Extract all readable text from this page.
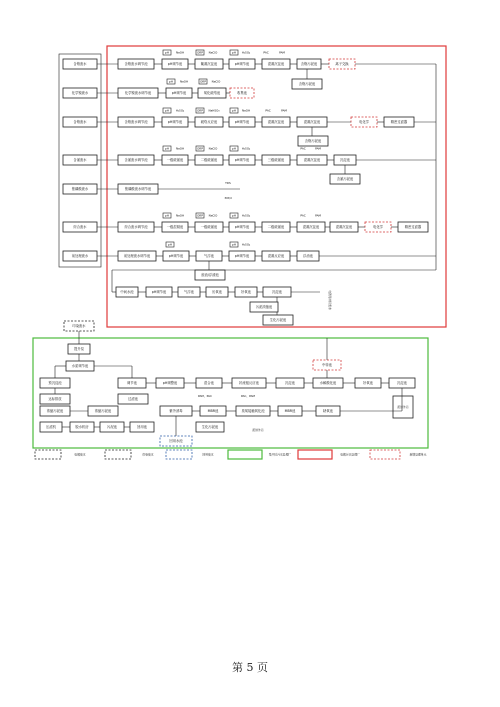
含铬废水
化学镍废水
含铬废水
含氰废水
焦磷酸废水
综合废水
前处理废水
含铬废水调节池	pH调节池	絮凝沉淀池	pH调节池	混凝沉淀池	含铬污泥池	离子交换
含铬污泥池
化学镍废水调节池	pH调节池	氧化破络池	收集池
含铬废水调节池	pH调节池	破络反应池	pH调节池	混凝沉淀池	混凝沉淀池	电化学	精密过滤器
含铬污泥池
含氰废水调节池	一级破氰池	二级破氰池	pH调节池	三级破氰池	混凝沉淀池	沉淀池
含氰污泥池
焦磷酸废水调节池
TDS
30t/d
综合废水调节池	一级混凝池	一级破氰池	pH调节池	二级破氰池	混凝沉淀池	混凝沉淀池	电化学	精密过滤器
前处理废水调节池	pH调节池	气浮池	pH调节池	混凝反应池	浮油池
废油/浮渣池
中间水池	pH调节池	气浮池	厌氧池	好氧池	沉淀池
污泥浓缩池
生化污泥池
电镀集中区废水
pH NaOH	ORP NaClO	pH H₂SO₄	PAC	PAM
pH NaOH	ORP NaClO
pH H₂SO₄	ORP NaHSO₃	pH NaOH	PAC	PAM
pH NaOH	ORP NaClO	pH H₂SO₄	PAC	PAM
pH NaOH	ORP NaClO	pH H₂SO₄	PAC	PAM
pH	pH H₂SO₄
印染废水
提升泵
水质调节池
预沉淀池	调节池	pH调整池	混合池	折流板反应池	沉淀池	水解酸化池	好氧池	沉淀池
中转池
过滤池
达标排放
紫外消毒	MBR池	臭氧接触氧化池	MBR池	缺氧池
浓缩污泥池	浓缩污泥池
压滤机	脱水机房	污泥池	回用池	生化污泥池
回用水池
PAM、PAC	PAC、PAM
泥饼外运
泥饼外运
电镀废水	印染废水	回用废水	集中区污水处理厂	电镀污水处理厂	新增处理单元
第 5 页
